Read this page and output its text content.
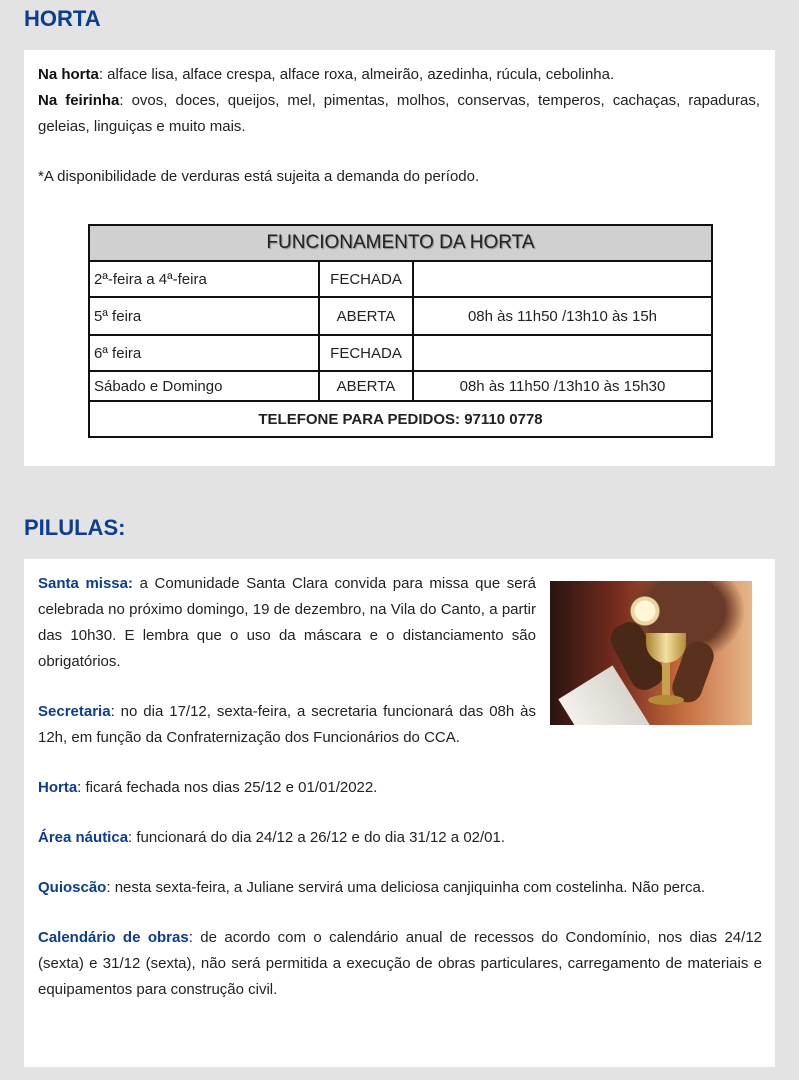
HORTA

Na horta: alface lisa, alface crespa, alface roxa, almeirão, azedinha, rúcula, cebolinha.

Na feirinha: ovos, doces, queijos, mel, pimentas, molhos, conservas, temperos, cachaças, rapaduras, geleias, linguiças e muito mais.

*A disponibilidade de verduras está sujeita a demanda do período.

FUNCIONAMENTO DA HORTA		
2ª-feira a 4ª-feira	FECHADA	
5ª feira	ABERTA	08h às 11h50 /13h10 às 15h
6ª feira	FECHADA	
Sábado e Domingo	ABERTA	08h às 11h50 /13h10 às 15h30
TELEFONE PARA PEDIDOS: 97110 0778		
PILULAS:

Santa missa: a Comunidade Santa Clara convida para missa que será celebrada no próximo domingo, 19 de dezembro, na Vila do Canto, a partir das 10h30. E lembra que o uso da máscara e o distanciamento são obrigatórios.

Secretaria: no dia 17/12, sexta-feira, a secretaria funcionará das 08h às 12h, em função da Confraternização dos Funcionários do CCA.

Horta: ficará fechada nos dias 25/12 e 01/01/2022.

Área náutica: funcionará do dia 24/12 a 26/12 e do dia 31/12 a 02/01.

Quioscão: nesta sexta-feira, a Juliane servirá uma deliciosa canjiquinha com costelinha. Não perca.

Calendário de obras: de acordo com o calendário anual de recessos do Condomínio, nos dias 24/12 (sexta) e 31/12 (sexta), não será permitida a execução de obras particulares, carregamento de materiais e equipamentos para construção civil.
